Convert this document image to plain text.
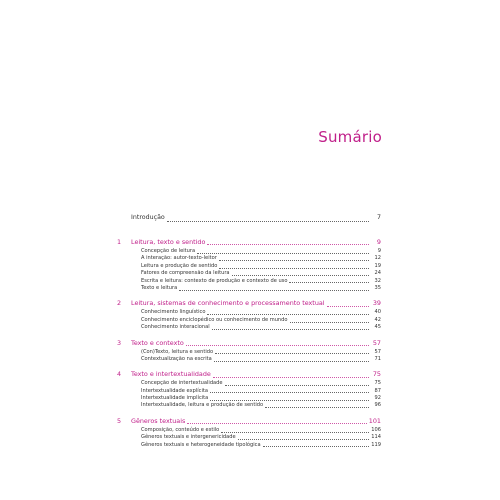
Sumário
Introdução	7
1	Leitura, texto e sentido	9
Concepção de leitura	9
A interação: autor-texto-leitor	12
Leitura e produção de sentido	19
Fatores de compreensão da leitura	24
Escrita e leitura: contexto de produção e contexto de uso	32
Texto e leitura	35
2	Leitura, sistemas de conhecimento e processamento textual	39
Conhecimento linguístico	40
Conhecimento enciclopédico ou conhecimento de mundo	42
Conhecimento interacional	45
3	Texto e contexto	57
(Con)Texto, leitura e sentido	57
Contextualização na escrita	71
4	Texto e intertextualidade	75
Concepção de intertextualidade	75
Intertextualidade explícita	87
Intertextualidade implícita	92
Intertextualidade, leitura e produção de sentido	96
5	Gêneros textuais	101
Composição, conteúdo e estilo	106
Gêneros textuais e intergenericidade	114
Gêneros textuais e heterogeneidade tipológica	119
